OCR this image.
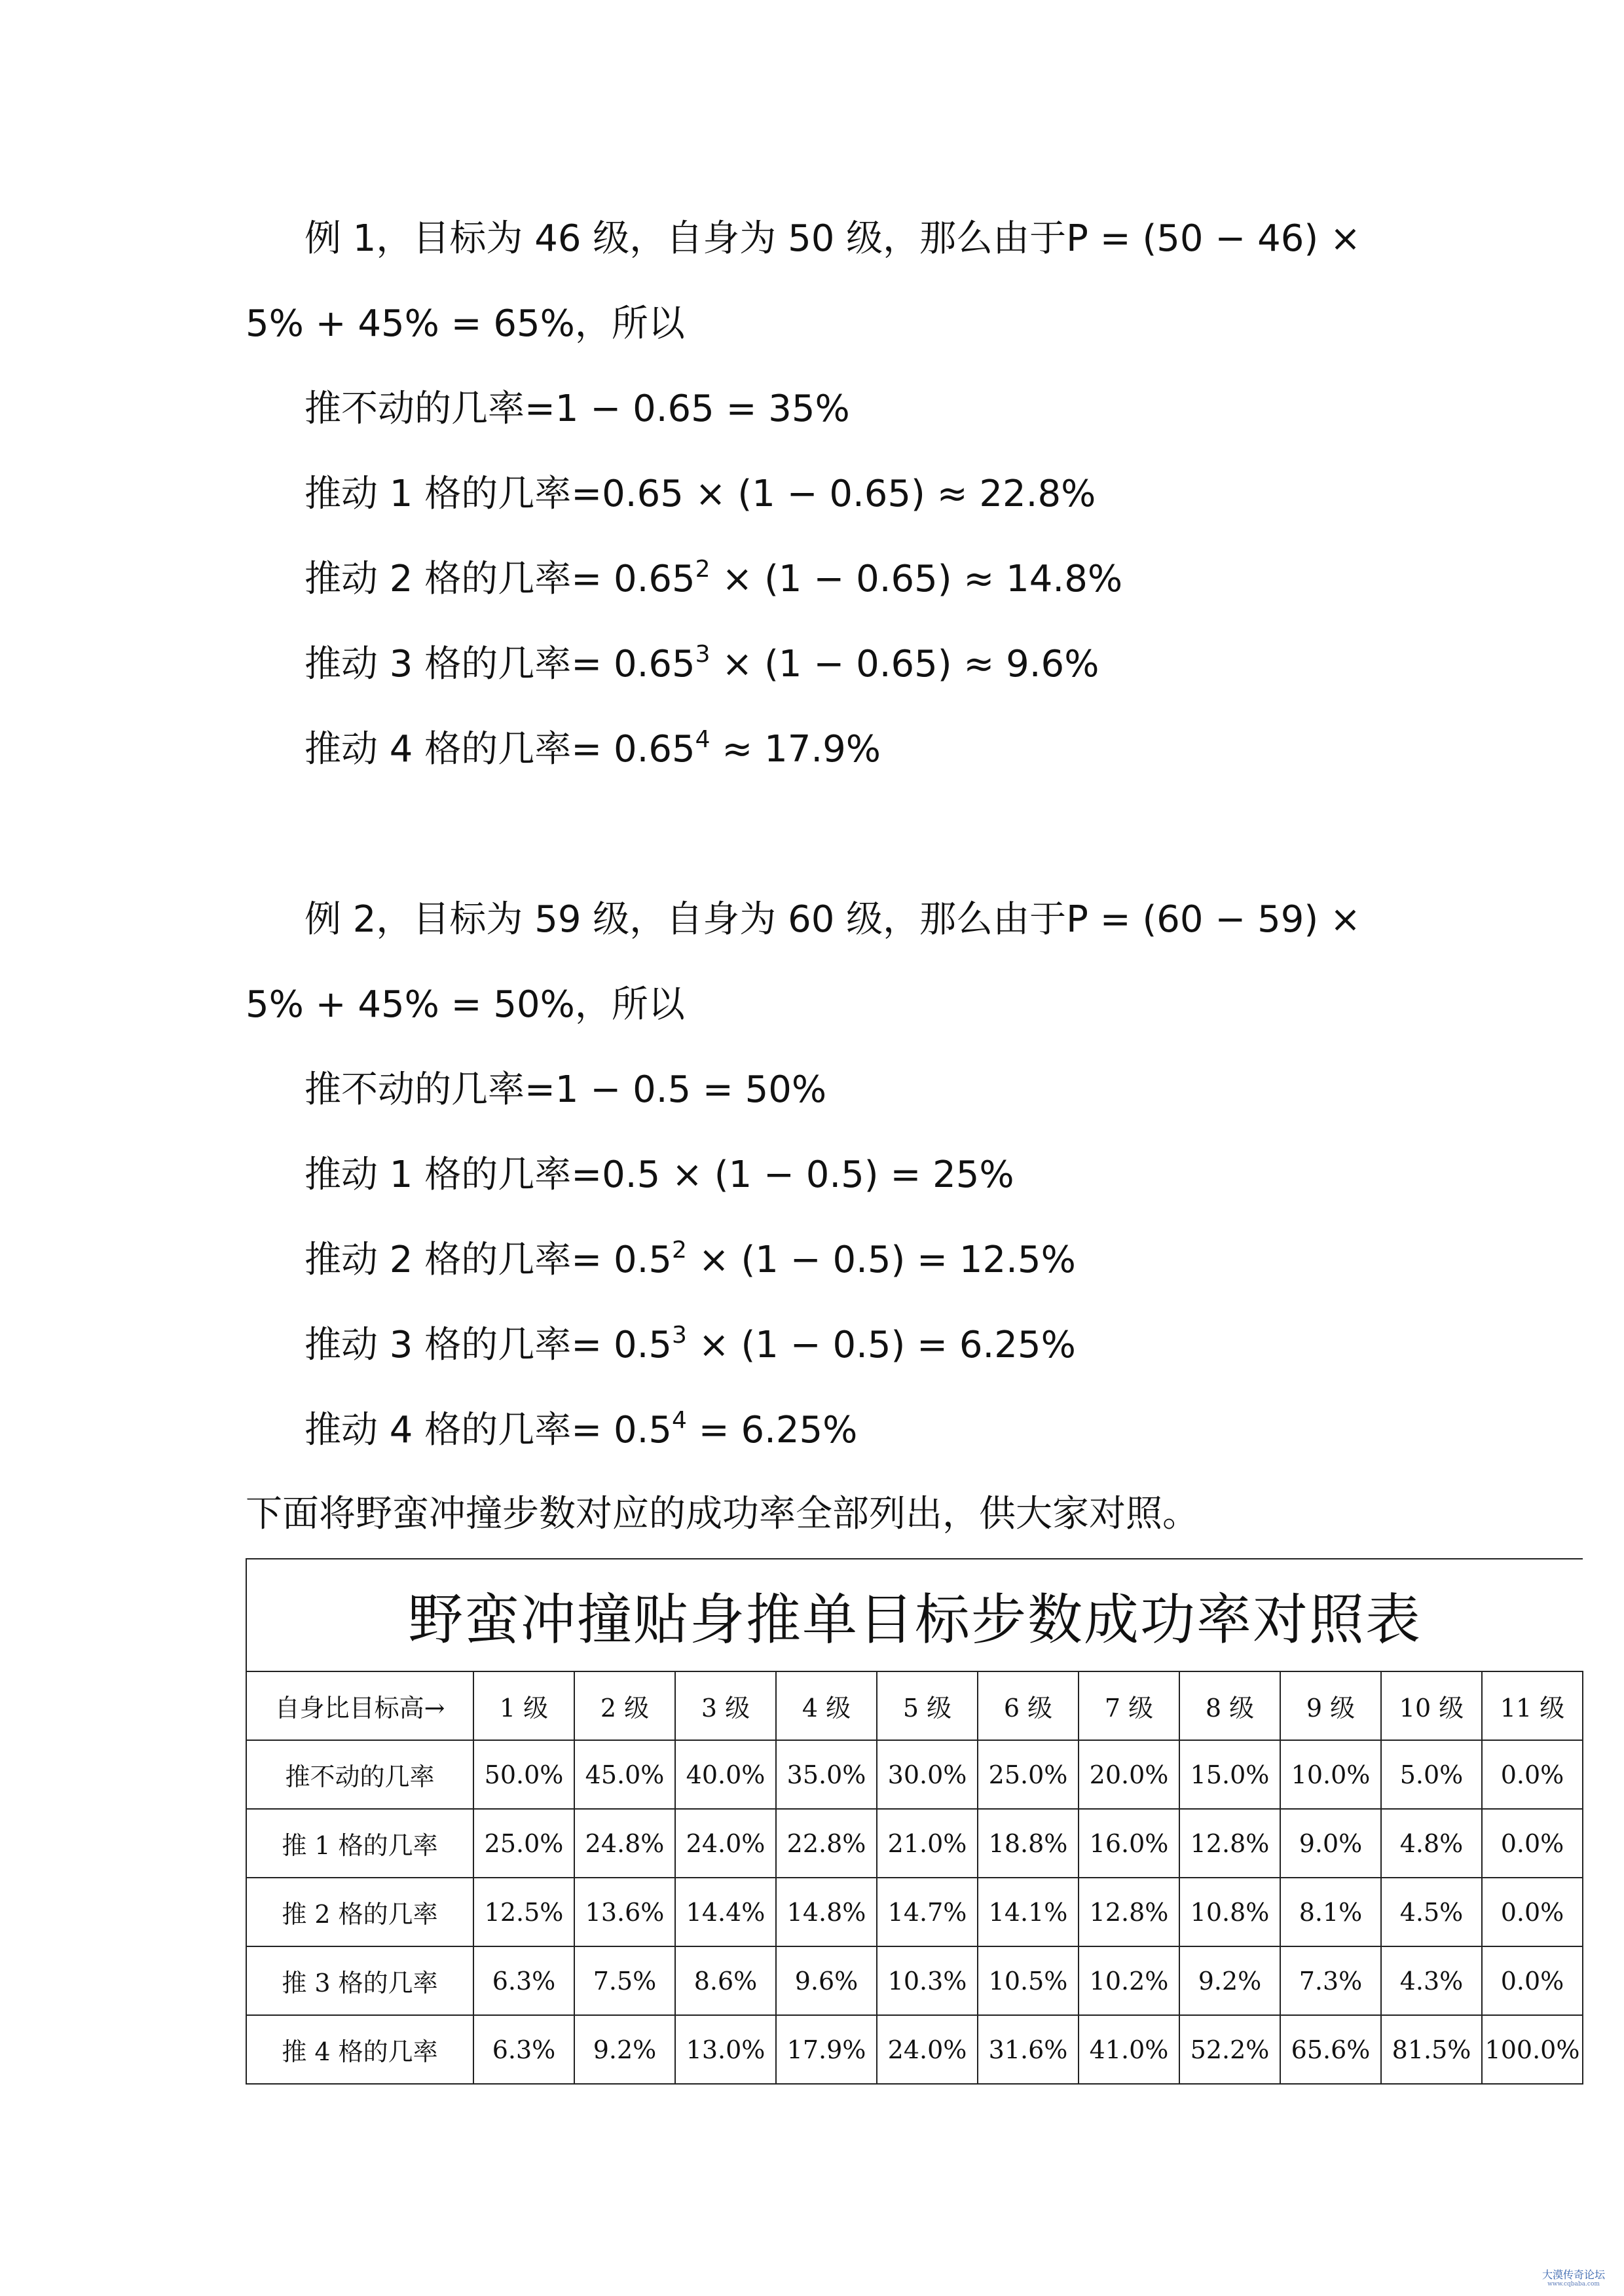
例 1，目标为 46 级，自身为 50 级，那么由于P = (50 − 46) ×
5% + 45% = 65%，所以
推不动的几率=1 − 0.65 = 35%
推动 1 格的几率=0.65 × (1 − 0.65) ≈ 22.8%
推动 2 格的几率= $0.65^2 \times (1 - 0.65) \approx 14.8\%$
推动 3 格的几率= $0.65^3 \times (1 - 0.65) \approx 9.6\%$
推动 4 格的几率= $0.65^4 \approx 17.9\%$
例 2，目标为 59 级，自身为 60 级，那么由于P = (60 − 59) ×
5% + 45% = 50%，所以
推不动的几率=1 − 0.5 = 50%
推动 1 格的几率=0.5 × (1 − 0.5) = 25%
推动 2 格的几率= $0.5^2 \times (1 - 0.5) = 12.5\%$
推动 3 格的几率= $0.5^3 \times (1 - 0.5) = 6.25\%$
推动 4 格的几率= $0.5^4 = 6.25\%$
下面将野蛮冲撞步数对应的成功率全部列出，供大家对照。
野蛮冲撞贴身推单目标步数成功率对照表											
自身比目标高→	1 级	2 级	3 级	4 级	5 级	6 级	7 级	8 级	9 级	10 级	11 级
推不动的几率	50.0%	45.0%	40.0%	35.0%	30.0%	25.0%	20.0%	15.0%	10.0%	5.0%	0.0%
推 1 格的几率	25.0%	24.8%	24.0%	22.8%	21.0%	18.8%	16.0%	12.8%	9.0%	4.8%	0.0%
推 2 格的几率	12.5%	13.6%	14.4%	14.8%	14.7%	14.1%	12.8%	10.8%	8.1%	4.5%	0.0%
推 3 格的几率	6.3%	7.5%	8.6%	9.6%	10.3%	10.5%	10.2%	9.2%	7.3%	4.3%	0.0%
推 4 格的几率	6.3%	9.2%	13.0%	17.9%	24.0%	31.6%	41.0%	52.2%	65.6%	81.5%	100.0%
大漠传奇论坛
www.cqbaba.com
